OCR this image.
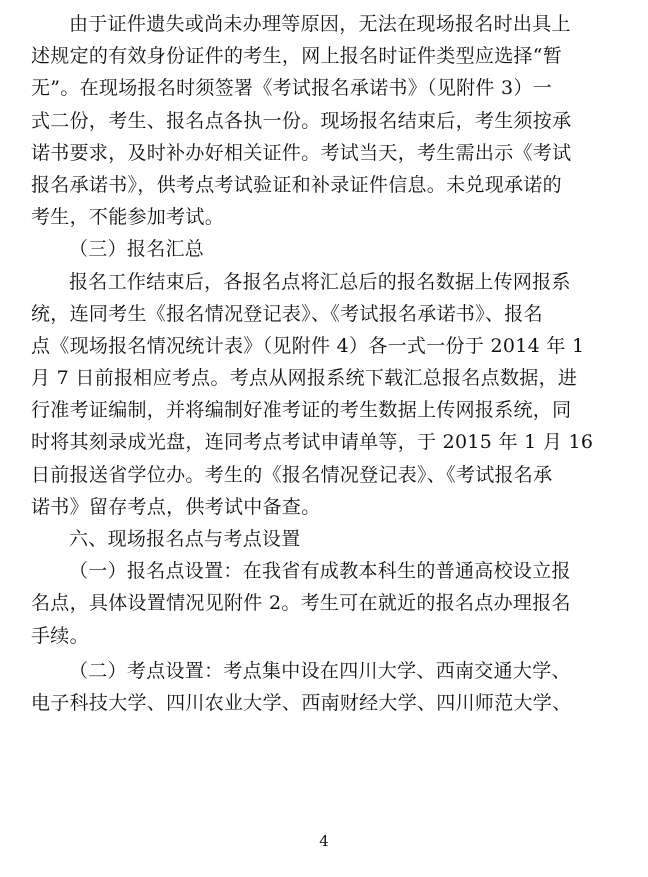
由于证件遗失或尚未办理等原因，无法在现场报名时出具上
述规定的有效身份证件的考生，网上报名时证件类型应选择“暂
无”。在现场报名时须签署《考试报名承诺书》（见附件 3）一
式二份，考生、报名点各执一份。现场报名结束后，考生须按承
诺书要求，及时补办好相关证件。考试当天，考生需出示《考试
报名承诺书》，供考点考试验证和补录证件信息。未兑现承诺的
考生，不能参加考试。
（三）报名汇总
报名工作结束后，各报名点将汇总后的报名数据上传网报系
统，连同考生《报名情况登记表》、《考试报名承诺书》、报名
点《现场报名情况统计表》（见附件 4）各一式一份于 2014 年 1
月 7 日前报相应考点。考点从网报系统下载汇总报名点数据，进
行准考证编制，并将编制好准考证的考生数据上传网报系统，同
时将其刻录成光盘，连同考点考试申请单等，于 2015 年 1 月 16
日前报送省学位办。考生的《报名情况登记表》、《考试报名承
诺书》留存考点，供考试中备查。
六、现场报名点与考点设置
（一）报名点设置：在我省有成教本科生的普通高校设立报
名点，具体设置情况见附件 2。考生可在就近的报名点办理报名
手续。
（二）考点设置：考点集中设在四川大学、西南交通大学、
电子科技大学、四川农业大学、西南财经大学、四川师范大学、
4
